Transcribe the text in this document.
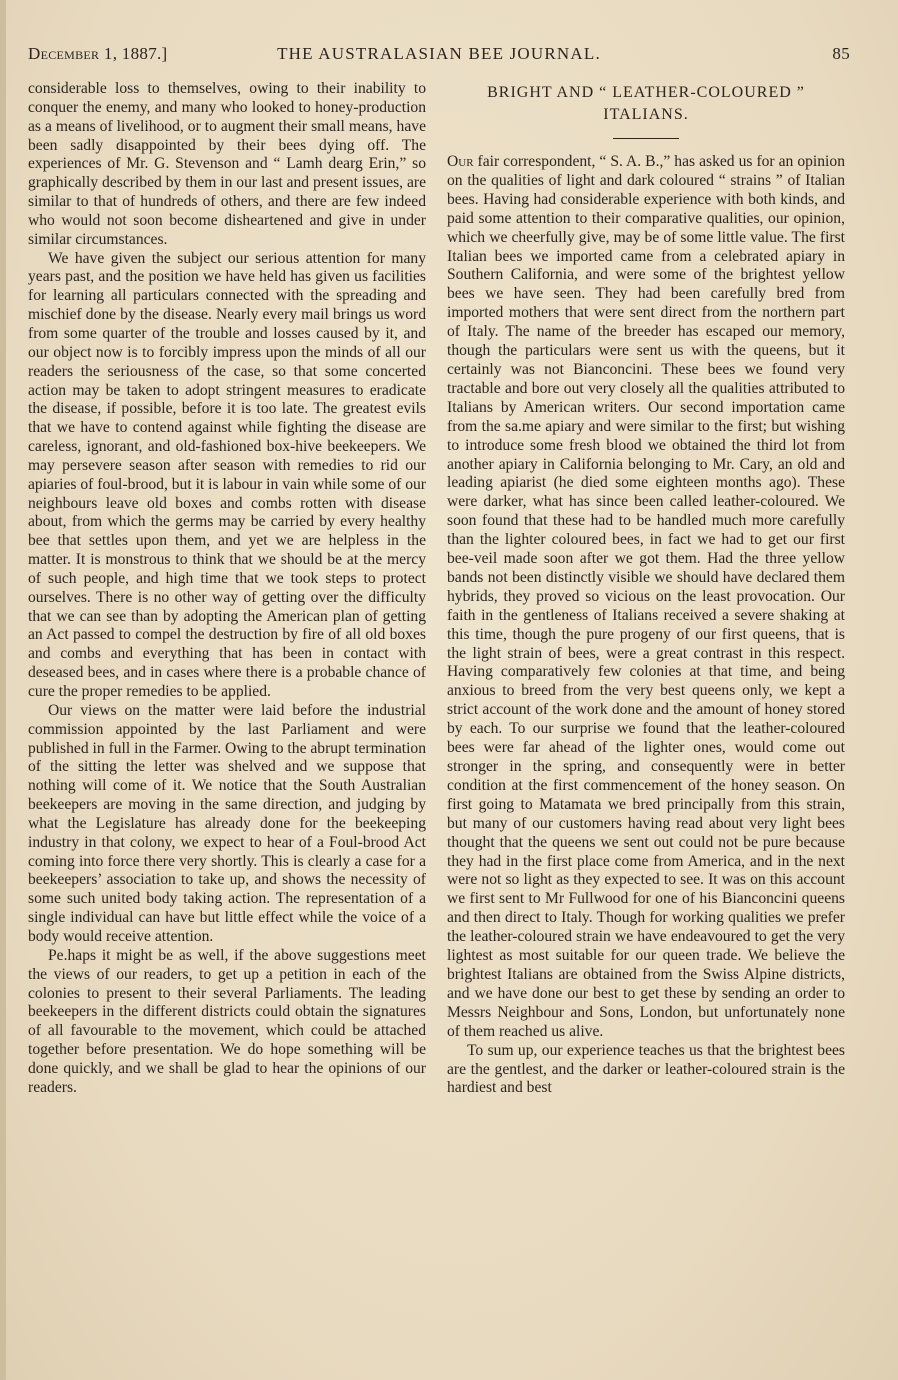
December 1, 1887.]	THE AUSTRALASIAN BEE JOURNAL.	85

considerable loss to themselves, owing to their inability to conquer the enemy, and many who looked to honey-production as a means of livelihood, or to augment their small means, have been sadly disappointed by their bees dying off. The experiences of Mr. G. Stevenson and “ Lamh dearg Erin,” so graphically described by them in our last and present issues, are similar to that of hundreds of others, and there are few indeed who would not soon become disheartened and give in under similar circumstances.

We have given the subject our serious attention for many years past, and the position we have held has given us facilities for learning all particulars connected with the spreading and mischief done by the disease. Nearly every mail brings us word from some quarter of the trouble and losses caused by it, and our object now is to forcibly impress upon the minds of all our readers the seriousness of the case, so that some concerted action may be taken to adopt stringent measures to eradicate the disease, if possible, before it is too late. The greatest evils that we have to contend against while fighting the disease are careless, ignorant, and old-fashioned box-hive beekeepers. We may persevere season after season with remedies to rid our apiaries of foul-brood, but it is labour in vain while some of our neighbours leave old boxes and combs rotten with disease about, from which the germs may be carried by every healthy bee that settles upon them, and yet we are helpless in the matter. It is monstrous to think that we should be at the mercy of such people, and high time that we took steps to protect ourselves. There is no other way of getting over the difficulty that we can see than by adopting the American plan of getting an Act passed to compel the destruction by fire of all old boxes and combs and everything that has been in contact with deseased bees, and in cases where there is a probable chance of cure the proper remedies to be applied.

Our views on the matter were laid before the industrial commission appointed by the last Parliament and were published in full in the Farmer. Owing to the abrupt termination of the sitting the letter was shelved and we suppose that nothing will come of it. We notice that the South Australian beekeepers are moving in the same direction, and judging by what the Legislature has already done for the beekeeping industry in that colony, we expect to hear of a Foul-brood Act coming into force there very shortly. This is clearly a case for a beekeepers’ association to take up, and shows the necessity of some such united body taking action. The representation of a single individual can have but little effect while the voice of a body would receive attention.

Pe.haps it might be as well, if the above suggestions meet the views of our readers, to get up a petition in each of the colonies to present to their several Parliaments. The leading beekeepers in the different districts could obtain the signatures of all favourable to the movement, which could be attached together before presentation. We do hope something will be done quickly, and we shall be glad to hear the opinions of our readers.

BRIGHT AND “ LEATHER-COLOURED ”
ITALIANS.

Our fair correspondent, “ S. A. B.,” has asked us for an opinion on the qualities of light and dark coloured “ strains ” of Italian bees. Having had considerable experience with both kinds, and paid some attention to their comparative qualities, our opinion, which we cheerfully give, may be of some little value. The first Italian bees we imported came from a celebrated apiary in Southern California, and were some of the brightest yellow bees we have seen. They had been carefully bred from imported mothers that were sent direct from the northern part of Italy. The name of the breeder has escaped our memory, though the particulars were sent us with the queens, but it certainly was not Bianconcini. These bees we found very tractable and bore out very closely all the qualities attributed to Italians by American writers. Our second importation came from the sa.me apiary and were similar to the first; but wishing to introduce some fresh blood we obtained the third lot from another apiary in California belonging to Mr. Cary, an old and leading apiarist (he died some eighteen months ago). These were darker, what has since been called leather-coloured. We soon found that these had to be handled much more carefully than the lighter coloured bees, in fact we had to get our first bee-veil made soon after we got them. Had the three yellow bands not been distinctly visible we should have declared them hybrids, they proved so vicious on the least provocation. Our faith in the gentleness of Italians received a severe shaking at this time, though the pure progeny of our first queens, that is the light strain of bees, were a great contrast in this respect. Having comparatively few colonies at that time, and being anxious to breed from the very best queens only, we kept a strict account of the work done and the amount of honey stored by each. To our surprise we found that the leather-coloured bees were far ahead of the lighter ones, would come out stronger in the spring, and consequently were in better condition at the first commencement of the honey season. On first going to Matamata we bred principally from this strain, but many of our customers having read about very light bees thought that the queens we sent out could not be pure because they had in the first place come from America, and in the next were not so light as they expected to see. It was on this account we first sent to Mr Fullwood for one of his Bianconcini queens and then direct to Italy. Though for working qualities we prefer the leather-coloured strain we have endeavoured to get the very lightest as most suitable for our queen trade. We believe the brightest Italians are obtained from the Swiss Alpine districts, and we have done our best to get these by sending an order to Messrs Neighbour and Sons, London, but unfortunately none of them reached us alive.

To sum up, our experience teaches us that the brightest bees are the gentlest, and the darker or leather-coloured strain is the hardiest and best
